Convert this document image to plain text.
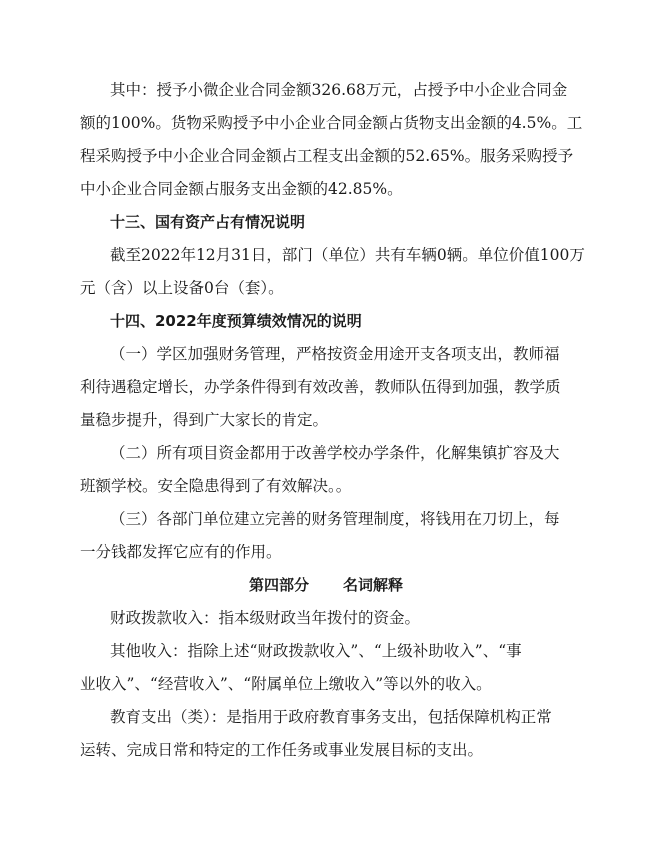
其中：授予小微企业合同金额326.68万元，占授予中小企业合同金

额的100%。货物采购授予中小企业合同金额占货物支出金额的4.5%。工

程采购授予中小企业合同金额占工程支出金额的52.65%。服务采购授予

中小企业合同金额占服务支出金额的42.85%。

十三、国有资产占有情况说明

截至2022年12月31日，部门（单位）共有车辆0辆。单位价值100万

元（含）以上设备0台（套）。

十四、2022年度预算绩效情况的说明

（一）学区加强财务管理，严格按资金用途开支各项支出，教师福

利待遇稳定增长，办学条件得到有效改善，教师队伍得到加强，教学质

量稳步提升，得到广大家长的肯定。

（二）所有项目资金都用于改善学校办学条件，化解集镇扩容及大

班额学校。安全隐患得到了有效解决。。

（三）各部门单位建立完善的财务管理制度，将钱用在刀切上，每

一分钱都发挥它应有的作用。

第四部分 名词解释

财政拨款收入：指本级财政当年拨付的资金。

其他收入：指除上述“财政拨款收入”、“上级补助收入”、“事

业收入”、“经营收入”、“附属单位上缴收入”等以外的收入。

教育支出（类）：是指用于政府教育事务支出，包括保障机构正常

运转、完成日常和特定的工作任务或事业发展目标的支出。
